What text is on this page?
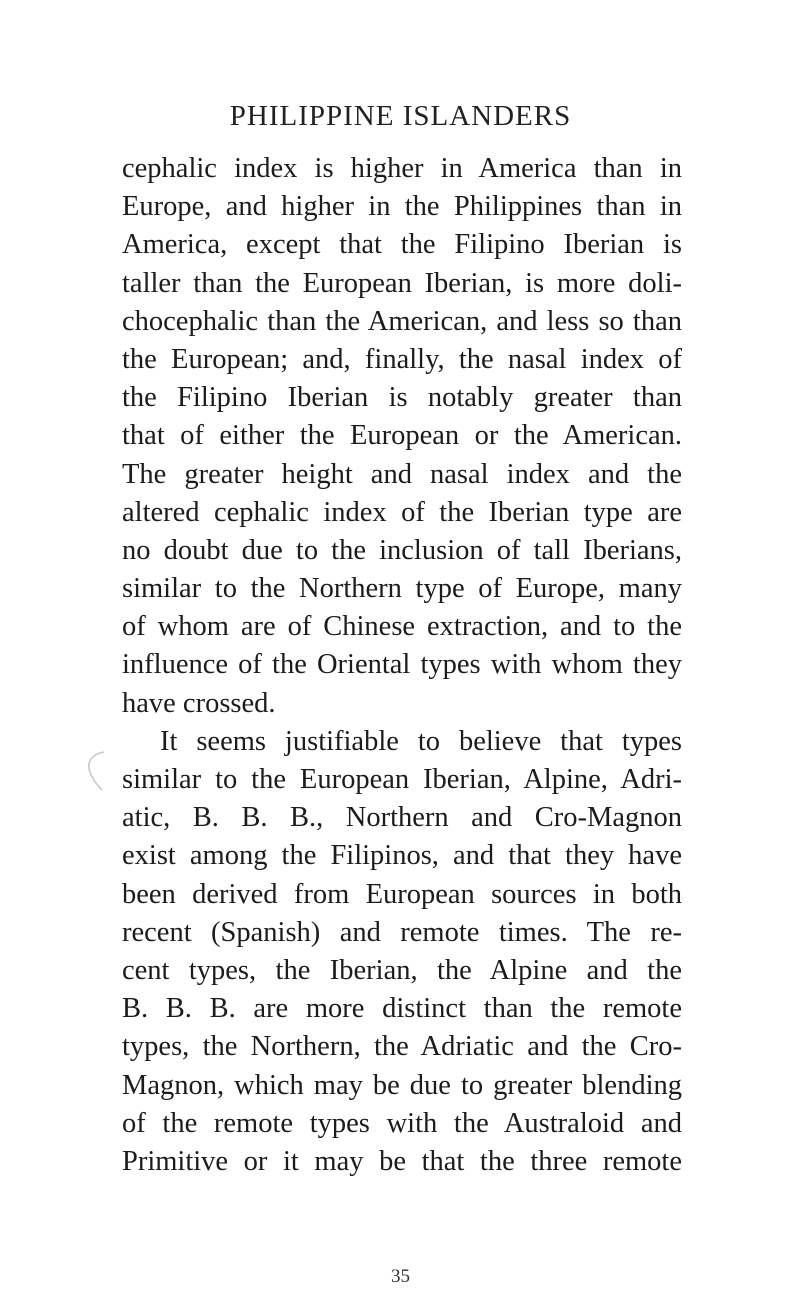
PHILIPPINE ISLANDERS
cephalic index is higher in America than in
Europe, and higher in the Philippines than in
America, except that the Filipino Iberian is
taller than the European Iberian, is more doli-
chocephalic than the American, and less so than
the European; and, finally, the nasal index of
the Filipino Iberian is notably greater than
that of either the European or the American.
The greater height and nasal index and the
altered cephalic index of the Iberian type are
no doubt due to the inclusion of tall Iberians,
similar to the Northern type of Europe, many
of whom are of Chinese extraction, and to the
influence of the Oriental types with whom they
have crossed.
It seems justifiable to believe that types
similar to the European Iberian, Alpine, Adri-
atic, B. B. B., Northern and Cro-Magnon
exist among the Filipinos, and that they have
been derived from European sources in both
recent (Spanish) and remote times. The re-
cent types, the Iberian, the Alpine and the
B. B. B. are more distinct than the remote
types, the Northern, the Adriatic and the Cro-
Magnon, which may be due to greater blending
of the remote types with the Australoid and
Primitive or it may be that the three remote
35
